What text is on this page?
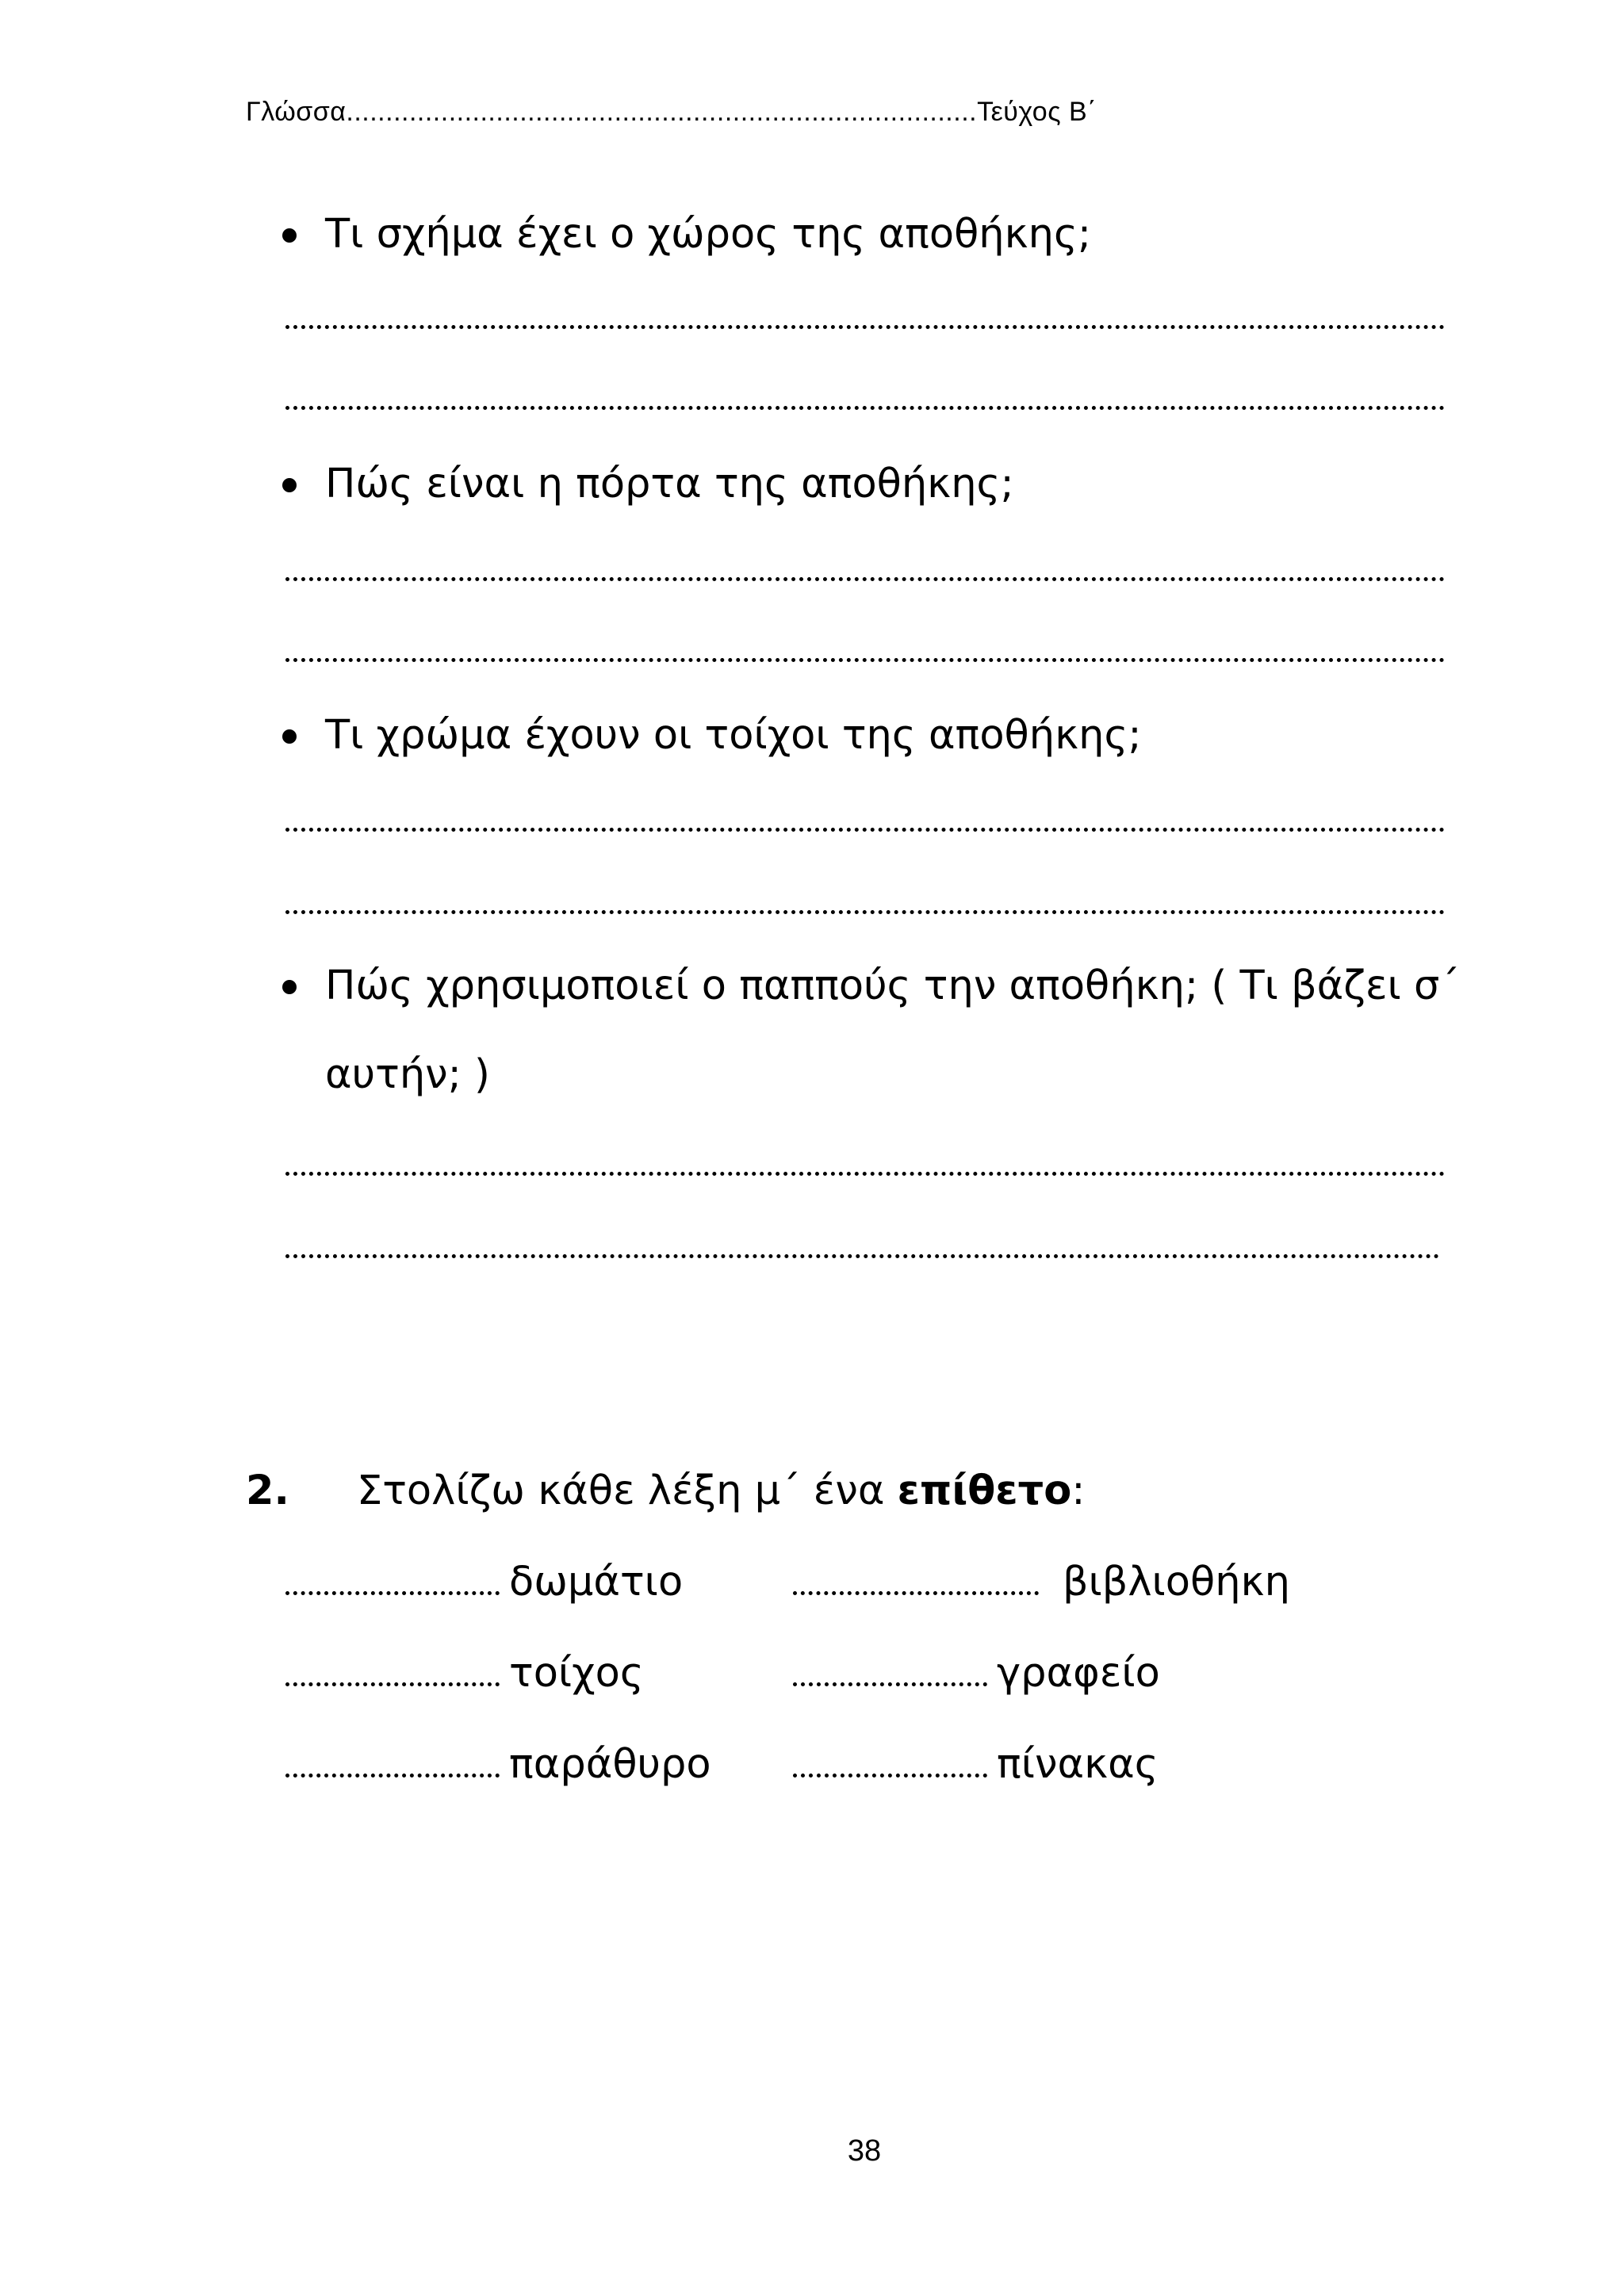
Γλώσσα................................................................................Τεύχος Β΄
Τι σχήμα έχει ο χώρος της αποθήκης;
Πώς είναι η πόρτα της αποθήκης;
Τι χρώμα έχουν οι τοίχοι της αποθήκης;
Πώς χρησιμοποιεί ο παππούς την αποθήκη; ( Τι βάζει σ΄
αυτήν; )
2. Στολίζω κάθε λέξη μ΄ ένα επίθετο:
δωμάτιο
τοίχος
παράθυρο
βιβλιοθήκη
γραφείο
πίνακας
38
